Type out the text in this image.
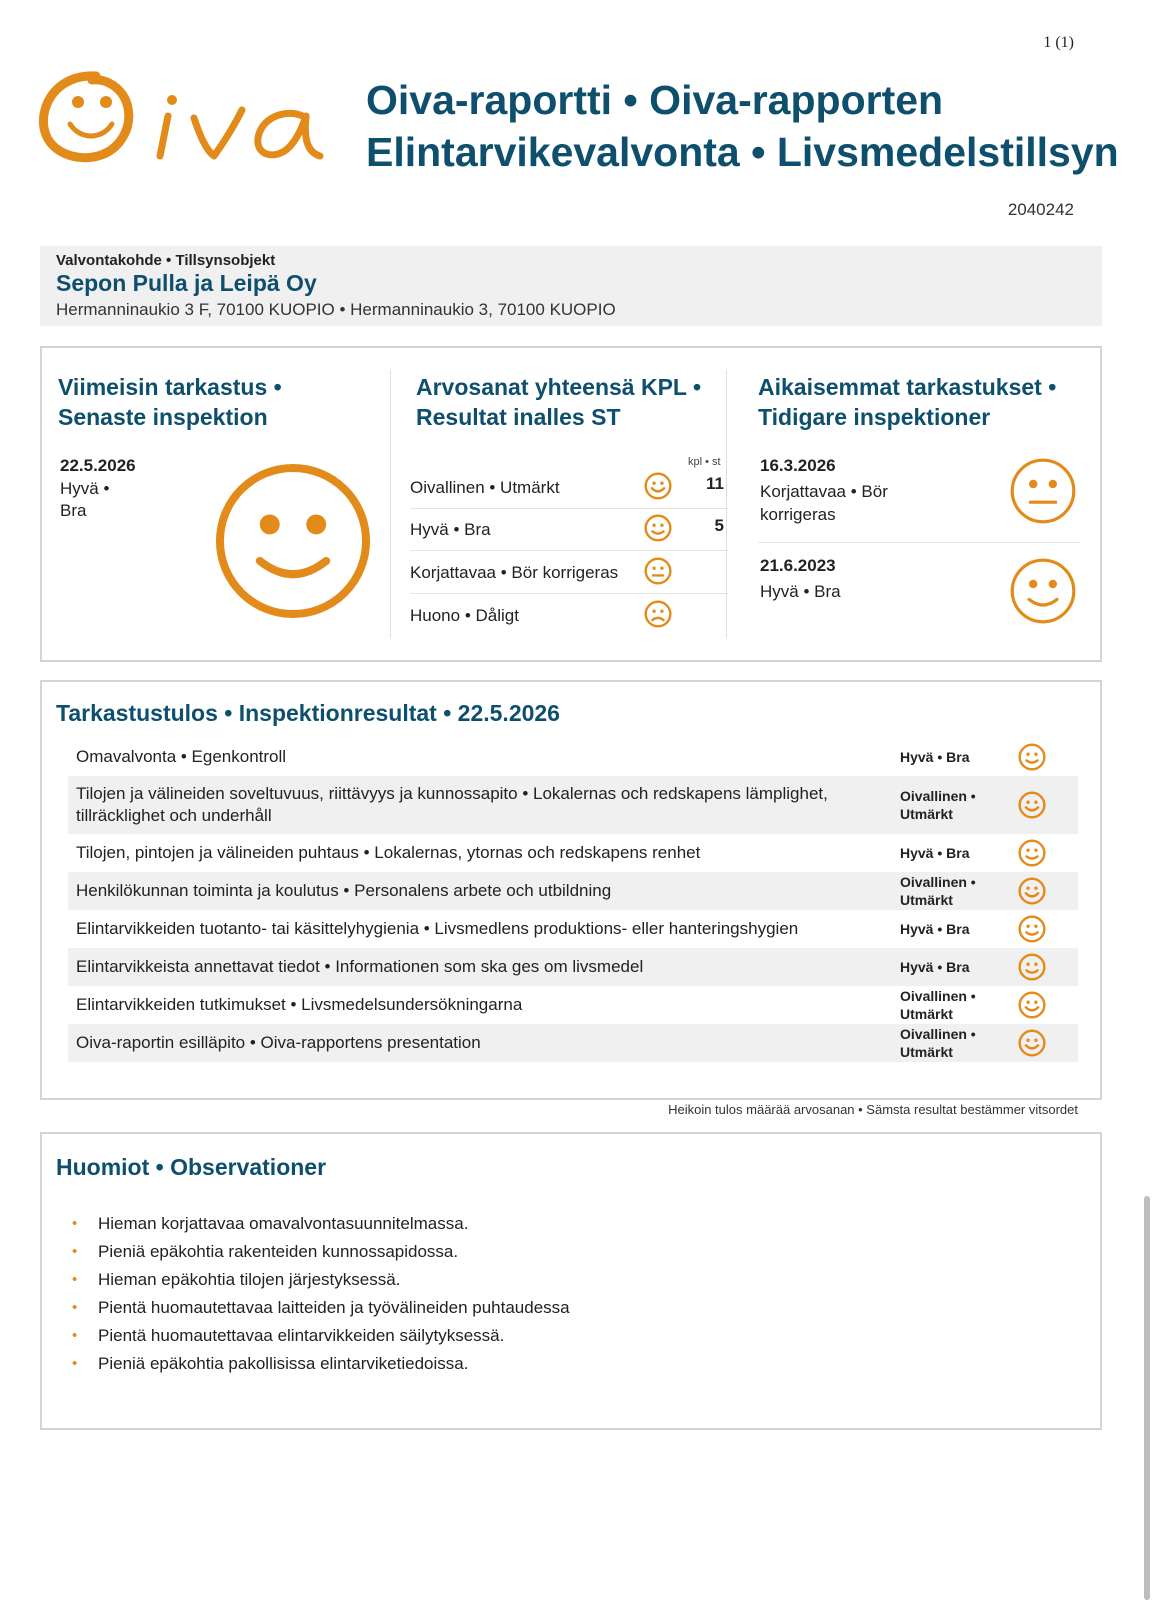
1 (1)
Oiva-raportti • Oiva-rapporten
Elintarvikevalvonta • Livsmedelstillsyn
2040242
Valvontakohde • Tillsynsobjekt
Sepon Pulla ja Leipä Oy
Hermanninaukio 3 F, 70100 KUOPIO • Hermanninaukio 3, 70100 KUOPIO
Viimeisin tarkastus •
Senaste inspektion
22.5.2026
Hyvä • Bra
Arvosanat yhteensä KPL •
Resultat inalles ST
kpl • st
Oivallinen • Utmärkt	11
Hyvä • Bra	5
Korjattavaa • Bör korrigeras
Huono • Dåligt
Aikaisemmat tarkastukset •
Tidigare inspektioner
16.3.2026
Korjattavaa • Bör korrigeras
21.6.2023
Hyvä • Bra
Tarkastustulos • Inspektionresultat • 22.5.2026
Omavalvonta • Egenkontroll	Hyvä • Bra
Tilojen ja välineiden soveltuvuus, riittävyys ja kunnossapito • Lokalernas och redskapens lämplighet, tillräcklighet och underhåll
Oivallinen • Utmärkt
Tilojen, pintojen ja välineiden puhtaus • Lokalernas, ytornas och redskapens renhet	Hyvä • Bra
Henkilökunnan toiminta ja koulutus • Personalens arbete och utbildning	Oivallinen • Utmärkt
Elintarvikkeiden tuotanto- tai käsittelyhygienia • Livsmedlens produktions- eller hanteringshygien	Hyvä • Bra
Elintarvikkeista annettavat tiedot • Informationen som ska ges om livsmedel	Hyvä • Bra
Elintarvikkeiden tutkimukset • Livsmedelsundersökningarna	Oivallinen • Utmärkt
Oiva-raportin esilläpito • Oiva-rapportens presentation	Oivallinen • Utmärkt
Heikoin tulos määrää arvosanan • Sämsta resultat bestämmer vitsordet
Huomiot • Observationer
• Hieman korjattavaa omavalvontasuunnitelmassa.
• Pieniä epäkohtia rakenteiden kunnossapidossa.
• Hieman epäkohtia tilojen järjestyksessä.
• Pientä huomautettavaa laitteiden ja työvälineiden puhtaudessa
• Pientä huomautettavaa elintarvikkeiden säilytyksessä.
• Pieniä epäkohtia pakollisissa elintarviketiedoissa.
